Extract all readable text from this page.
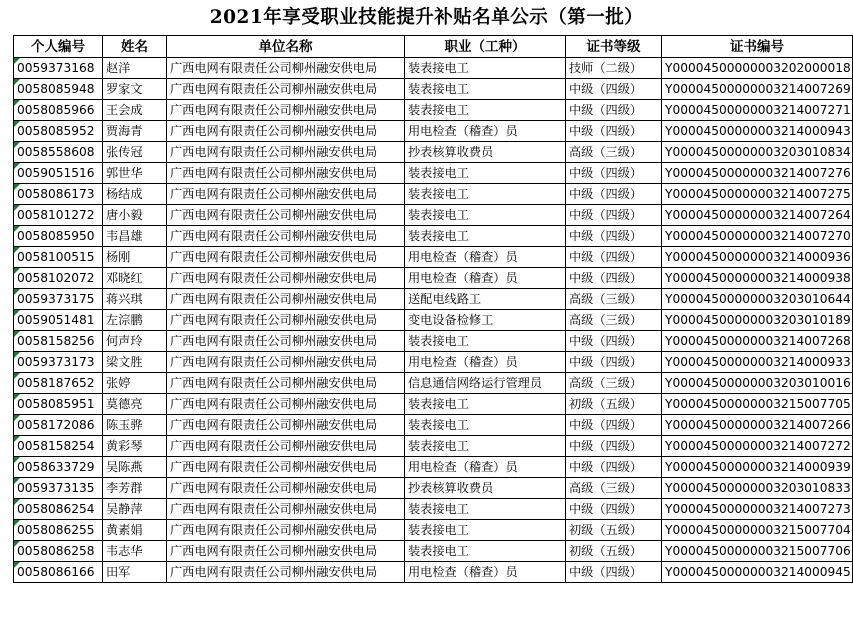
2021年享受职业技能提升补贴名单公示（第一批）
个人编号	姓名	单位名称	职业（工种）	证书等级	证书编号
0059373168	赵洋	广西电网有限责任公司柳州融安供电局	装表接电工	技师（二级）	Y00004500000003202000018
0058085948	罗家文	广西电网有限责任公司柳州融安供电局	装表接电工	中级（四级）	Y00004500000003214007269
0058085966	王会成	广西电网有限责任公司柳州融安供电局	装表接电工	中级（四级）	Y00004500000003214007271
0058085952	贾海青	广西电网有限责任公司柳州融安供电局	用电检查（稽查）员	中级（四级）	Y00004500000003214000943
0058558608	张传冠	广西电网有限责任公司柳州融安供电局	抄表核算收费员	高级（三级）	Y00004500000003203010834
0059051516	郭世华	广西电网有限责任公司柳州融安供电局	装表接电工	中级（四级）	Y00004500000003214007276
0058086173	杨结成	广西电网有限责任公司柳州融安供电局	装表接电工	中级（四级）	Y00004500000003214007275
0058101272	唐小毅	广西电网有限责任公司柳州融安供电局	装表接电工	中级（四级）	Y00004500000003214007264
0058085950	韦昌雄	广西电网有限责任公司柳州融安供电局	装表接电工	中级（四级）	Y00004500000003214007270
0058100515	杨刚	广西电网有限责任公司柳州融安供电局	用电检查（稽查）员	中级（四级）	Y00004500000003214000936
0058102072	邓晓红	广西电网有限责任公司柳州融安供电局	用电检查（稽查）员	中级（四级）	Y00004500000003214000938
0059373175	蒋兴琪	广西电网有限责任公司柳州融安供电局	送配电线路工	高级（三级）	Y00004500000003203010644
0059051481	左淙鹏	广西电网有限责任公司柳州融安供电局	变电设备检修工	高级（三级）	Y00004500000003203010189
0058158256	何声玲	广西电网有限责任公司柳州融安供电局	装表接电工	中级（四级）	Y00004500000003214007268
0059373173	梁文胜	广西电网有限责任公司柳州融安供电局	用电检查（稽查）员	中级（四级）	Y00004500000003214000933
0058187652	张婷	广西电网有限责任公司柳州融安供电局	信息通信网络运行管理员	高级（三级）	Y00004500000003203010016
0058085951	莫德亮	广西电网有限责任公司柳州融安供电局	装表接电工	初级（五级）	Y00004500000003215007705
0058172086	陈玉骅	广西电网有限责任公司柳州融安供电局	装表接电工	中级（四级）	Y00004500000003214007266
0058158254	黄彩琴	广西电网有限责任公司柳州融安供电局	装表接电工	中级（四级）	Y00004500000003214007272
0058633729	吴陈燕	广西电网有限责任公司柳州融安供电局	用电检查（稽查）员	中级（四级）	Y00004500000003214000939
0059373135	李芳群	广西电网有限责任公司柳州融安供电局	抄表核算收费员	高级（三级）	Y00004500000003203010833
0058086254	吴静萍	广西电网有限责任公司柳州融安供电局	装表接电工	中级（四级）	Y00004500000003214007273
0058086255	黄素娟	广西电网有限责任公司柳州融安供电局	装表接电工	初级（五级）	Y00004500000003215007704
0058086258	韦志华	广西电网有限责任公司柳州融安供电局	装表接电工	初级（五级）	Y00004500000003215007706
0058086166	田军	广西电网有限责任公司柳州融安供电局	用电检查（稽查）员	中级（四级）	Y00004500000003214000945
